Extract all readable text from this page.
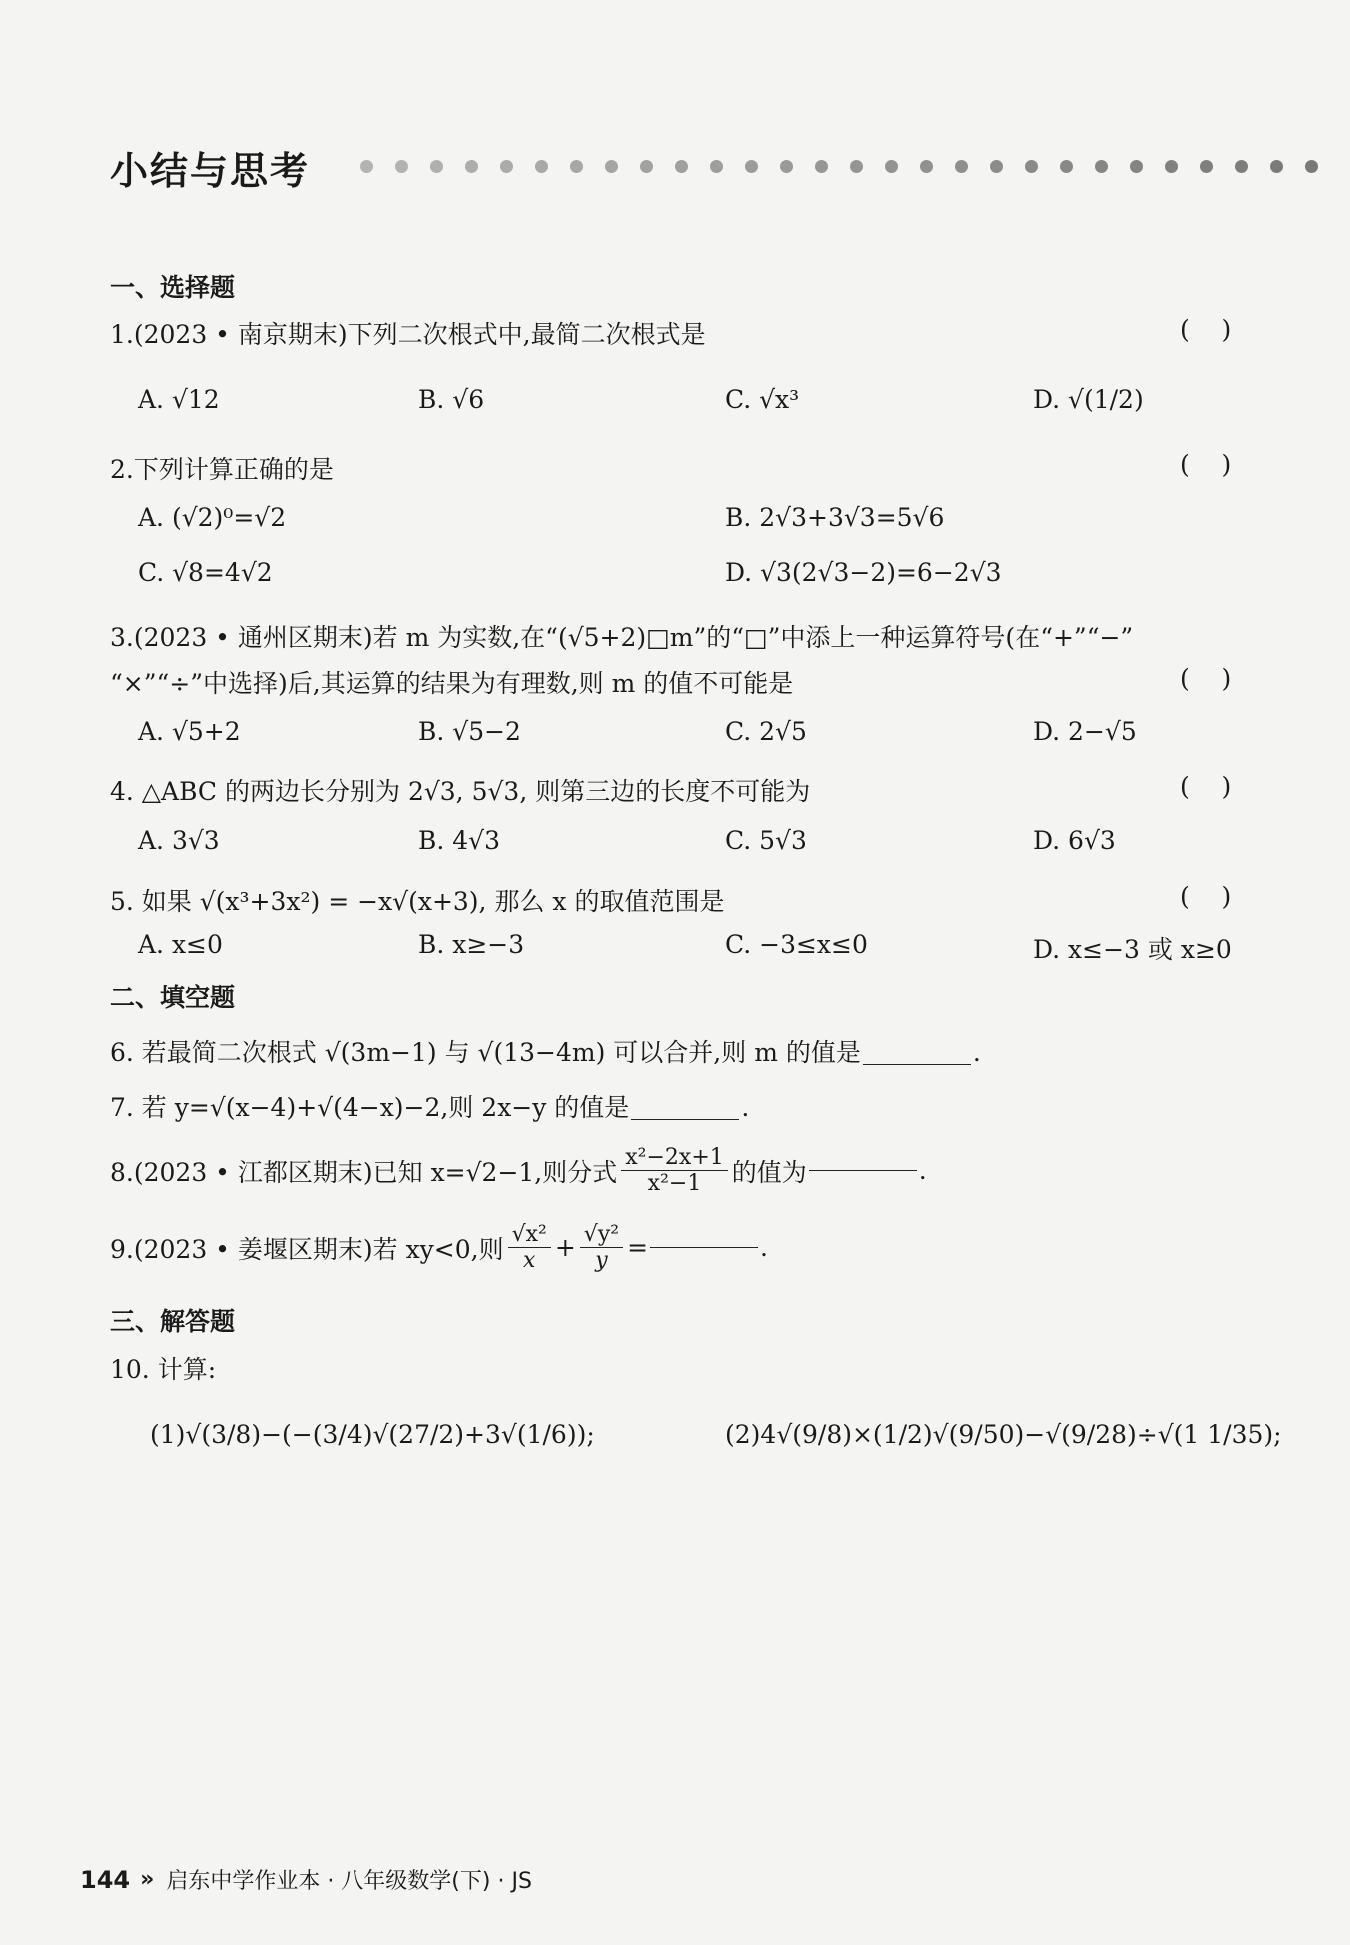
小结与思考
一、选择题
1.(2023 • 南京期末)下列二次根式中,最简二次根式是	(    )
A. √12	B. √6	C. √x³	D. √(1/2)
2.下列计算正确的是	(    )
A. (√2)⁰=√2	B. 2√3+3√3=5√6
C. √8=4√2	D. √3(2√3−2)=6−2√3
3.(2023 • 通州区期末)若 m 为实数,在“(√5+2)□m”的“□”中添上一种运算符号(在“+”“−”
“×”“÷”中选择)后,其运算的结果为有理数,则 m 的值不可能是	(    )
A. √5+2	B. √5−2	C. 2√5	D. 2−√5
4. △ABC 的两边长分别为 2√3, 5√3, 则第三边的长度不可能为	(    )
A. 3√3	B. 4√3	C. 5√3	D. 6√3
5. 如果 √(x³+3x²) = −x√(x+3), 那么 x 的取值范围是	(    )
A. x≤0	B. x≥−3	C. −3≤x≤0	D. x≤−3 或 x≥0
二、填空题
6. 若最简二次根式 √(3m−1) 与 √(13−4m) 可以合并,则 m 的值是	.
7. 若 y=√(x−4)+√(4−x)−2,则 2x−y 的值是	.
8.(2023 • 江都区期末)已知 x=√2−1,则分式 $\frac{\text{x²−2x+1}}{\text{x²−1}}$ 的值为	.
9.(2023 • 姜堰区期末)若 xy<0,则 $\frac{\text{√x²}}{x} + \frac{\text{√y²}}{y}$ =	.
三、解答题
10. 计算:
(1)√(3/8)−(−(3/4)√(27/2)+3√(1/6));	(2)4√(9/8)×(1/2)√(9/50)−√(9/28)÷√(1 1/35);
144 » 启东中学作业本 · 八年级数学(下) · JS
